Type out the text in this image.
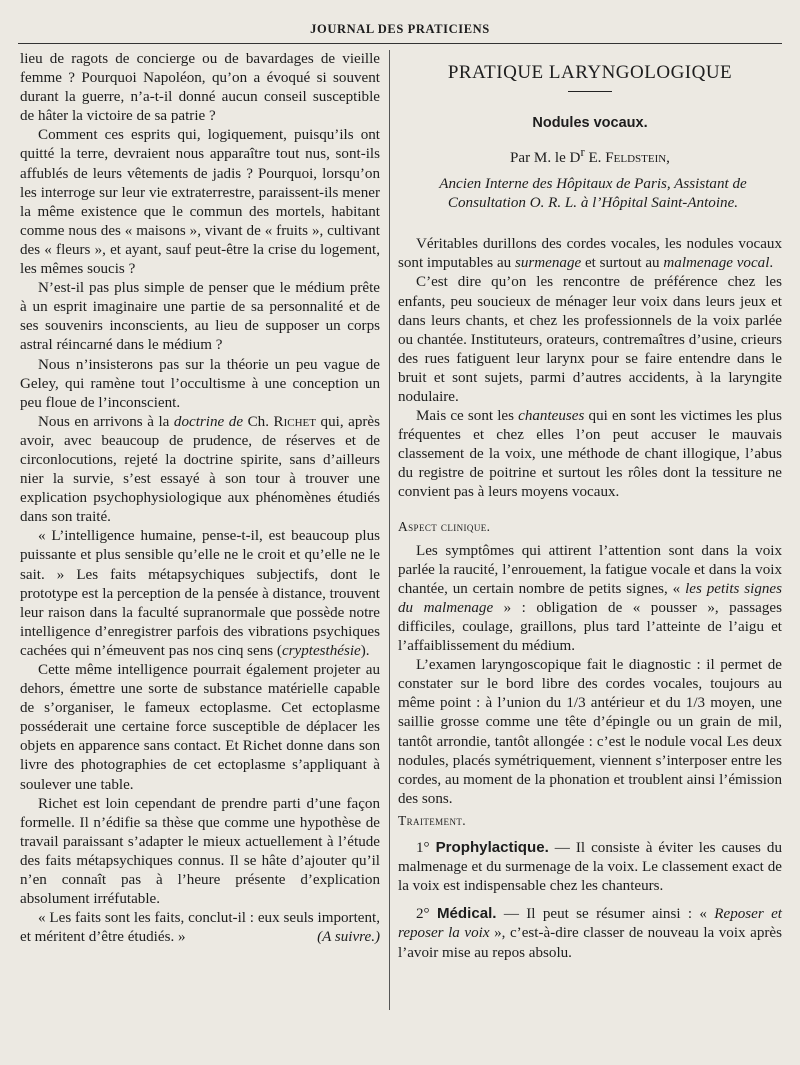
JOURNAL DES PRATICIENS

lieu de ragots de concierge ou de bavardages de vieille femme ? Pourquoi Napoléon, qu’on a évoqué si souvent durant la guerre, n’a-t-il donné aucun conseil susceptible de hâter la victoire de sa patrie ?

Comment ces esprits qui, logiquement, puisqu’ils ont quitté la terre, devraient nous apparaître tout nus, sont-ils affublés de leurs vêtements de jadis ? Pourquoi, lorsqu’on les interroge sur leur vie extraterrestre, paraissent-ils mener la même existence que le commun des mortels, habitant comme nous des « maisons », vivant de « fruits », cultivant des « fleurs », et ayant, sauf peut-être la crise du logement, les mêmes soucis ?

N’est-il pas plus simple de penser que le médium prête à un esprit imaginaire une partie de sa personnalité et de ses souvenirs inconscients, au lieu de supposer un corps astral réincarné dans le médium ?

Nous n’insisterons pas sur la théorie un peu vague de Geley, qui ramène tout l’occultisme à une conception un peu floue de l’inconscient.

Nous en arrivons à la doctrine de Ch. Richet qui, après avoir, avec beaucoup de prudence, de réserves et de circonlocutions, rejeté la doctrine spirite, sans d’ailleurs nier la survie, s’est essayé à son tour à trouver une explication psychophysiologique aux phénomènes étudiés dans son traité.

« L’intelligence humaine, pense-t-il, est beaucoup plus puissante et plus sensible qu’elle ne le croit et qu’elle ne le sait. » Les faits métapsychiques subjectifs, dont le prototype est la perception de la pensée à distance, trouvent leur raison dans la faculté supranormale que possède notre intelligence d’enregistrer parfois des vibrations psychiques cachées qui n’émeuvent pas nos cinq sens (cryptesthésie).

Cette même intelligence pourrait également projeter au dehors, émettre une sorte de substance matérielle capable de s’organiser, le fameux ectoplasme. Cet ectoplasme posséderait une certaine force susceptible de déplacer les objets en apparence sans contact. Et Richet donne dans son livre des photographies de cet ectoplasme s’appliquant à soulever une table.

Richet est loin cependant de prendre parti d’une façon formelle. Il n’édifie sa thèse que comme une hypothèse de travail paraissant s’adapter le mieux actuellement à l’étude des faits métapsychiques connus. Il se hâte d’ajouter qu’il n’en connaît pas à l’heure présente d’explication absolument irréfutable.

« Les faits sont les faits, conclut-il : eux seuls importent, et méritent d’être étudiés. »	(A suivre.)

PRATIQUE LARYNGOLOGIQUE
Nodules vocaux.
Par M. le $D^r$ E. Feldstein,
Ancien Interne des Hôpitaux de Paris, Assistant de Consultation O. R. L. à l’Hôpital Saint-Antoine.

Véritables durillons des cordes vocales, les nodules vocaux sont imputables au surmenage et surtout au malmenage vocal.

C’est dire qu’on les rencontre de préférence chez les enfants, peu soucieux de ménager leur voix dans leurs jeux et dans leurs chants, et chez les professionnels de la voix parlée ou chantée. Instituteurs, orateurs, contremaîtres d’usine, crieurs des rues fatiguent leur larynx pour se faire entendre dans le bruit et sont sujets, parmi d’autres accidents, à la laryngite nodulaire.

Mais ce sont les chanteuses qui en sont les victimes les plus fréquentes et chez elles l’on peut accuser le mauvais classement de la voix, une méthode de chant illogique, l’abus du registre de poitrine et surtout les rôles dont la tessiture ne convient pas à leurs moyens vocaux.

Aspect clinique.

Les symptômes qui attirent l’attention sont dans la voix parlée la raucité, l’enrouement, la fatigue vocale et dans la voix chantée, un certain nombre de petits signes, « les petits signes du malmenage » : obligation de « pousser », passages difficiles, coulage, graillons, plus tard l’atteinte de l’aigu et l’affaiblissement du médium.

L’examen laryngoscopique fait le diagnostic : il permet de constater sur le bord libre des cordes vocales, toujours au même point : à l’union du 1/3 antérieur et du 1/3 moyen, une saillie grosse comme une tête d’épingle ou un grain de mil, tantôt arrondie, tantôt allongée : c’est le nodule vocal Les deux nodules, placés symétriquement, viennent s’interposer entre les cordes, au moment de la phonation et troublent ainsi l’émission des sons.

Traitement.

1° Prophylactique. — Il consiste à éviter les causes du malmenage et du surmenage de la voix. Le classement exact de la voix est indispensable chez les chanteurs.

2° Médical. — Il peut se résumer ainsi : « Reposer et reposer la voix », c’est-à-dire classer de nouveau la voix après l’avoir mise au repos absolu.
